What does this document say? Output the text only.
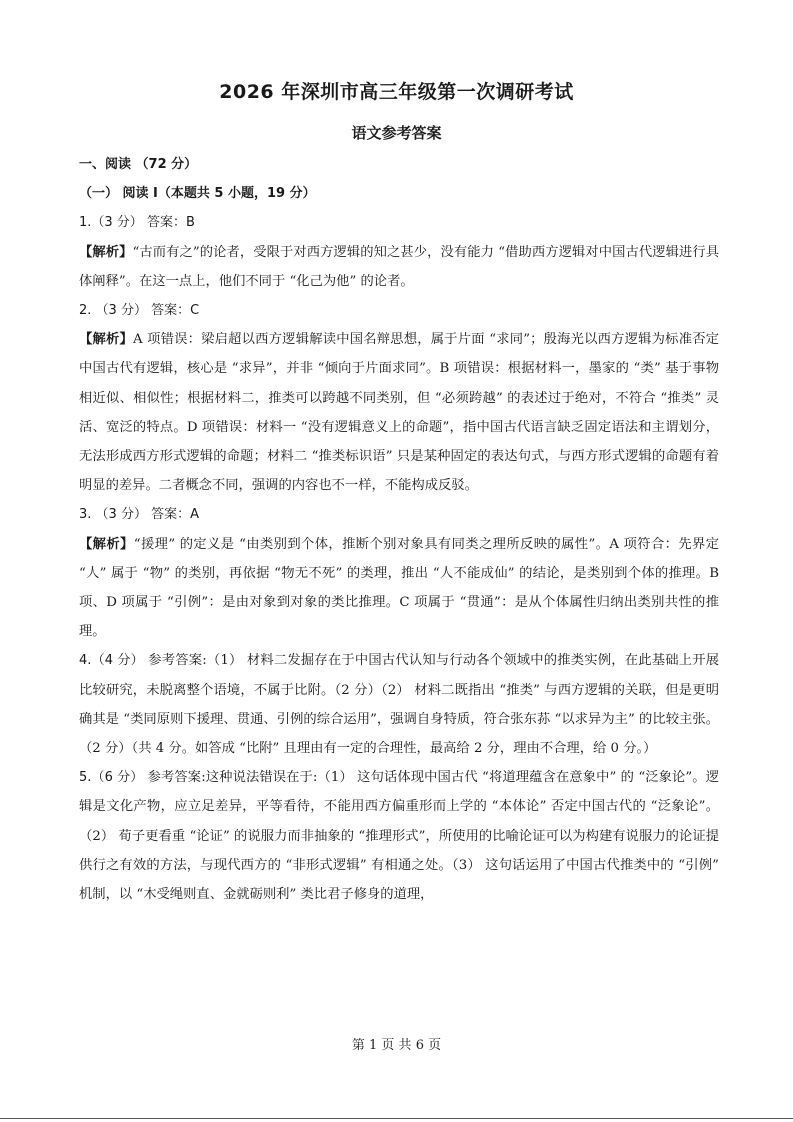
2026 年深圳市高三年级第一次调研考试
语文参考答案

一、阅读 （72 分）

（一） 阅读 Ⅰ（本题共 5 小题，19 分）

1.（3 分） 答案：B

【解析】“古而有之”的论者，受限于对西方逻辑的知之甚少，没有能力 “借助西方逻辑对中国古代逻辑进行具体阐释”。在这一点上，他们不同于 “化己为他” 的论者。

2. （3 分） 答案：C

【解析】A 项错误：梁启超以西方逻辑解读中国名辩思想，属于片面 “求同”；殷海光以西方逻辑为标准否定中国古代有逻辑，核心是 “求异”，并非 “倾向于片面求同”。B 项错误：根据材料一，墨家的 “类” 基于事物相近似、相似性；根据材料二，推类可以跨越不同类别，但 “必须跨越” 的表述过于绝对，不符合 “推类” 灵活、宽泛的特点。D 项错误：材料一 “没有逻辑意义上的命题”，指中国古代语言缺乏固定语法和主谓划分，无法形成西方形式逻辑的命题；材料二 “推类标识语” 只是某种固定的表达句式，与西方形式逻辑的命题有着明显的差异。二者概念不同，强调的内容也不一样，不能构成反驳。

3. （3 分） 答案：A

【解析】“援理” 的定义是 “由类别到个体，推断个别对象具有同类之理所反映的属性”。A 项符合：先界定 “人” 属于 “物” 的类别，再依据 “物无不死” 的类理，推出 “人不能成仙” 的结论，是类别到个体的推理。B 项、D 项属于 “引例”：是由对象到对象的类比推理。C 项属于 “贯通”：是从个体属性归纳出类别共性的推理。

4.（4 分） 参考答案:（1） 材料二发掘存在于中国古代认知与行动各个领域中的推类实例，在此基础上开展比较研究，未脱离整个语境，不属于比附。（2 分）（2） 材料二既指出 “推类” 与西方逻辑的关联，但是更明确其是 “类同原则下援理、贯通、引例的综合运用”，强调自身特质，符合张东荪 “以求异为主” 的比较主张。（2 分）（共 4 分。如答成 “比附” 且理由有一定的合理性，最高给 2 分，理由不合理，给 0 分。）

5.（6 分） 参考答案:这种说法错误在于:（1） 这句话体现中国古代 “将道理蕴含在意象中” 的 “泛象论”。逻辑是文化产物，应立足差异，平等看待，不能用西方偏重形而上学的 “本体论” 否定中国古代的 “泛象论”。（2） 荀子更看重 “论证” 的说服力而非抽象的 “推理形式”，所使用的比喻论证可以为构建有说服力的论证提供行之有效的方法，与现代西方的 “非形式逻辑” 有相通之处。（3） 这句话运用了中国古代推类中的 “引例” 机制，以 “木受绳则直、金就砺则利” 类比君子修身的道理，

第 1 页 共 6 页
